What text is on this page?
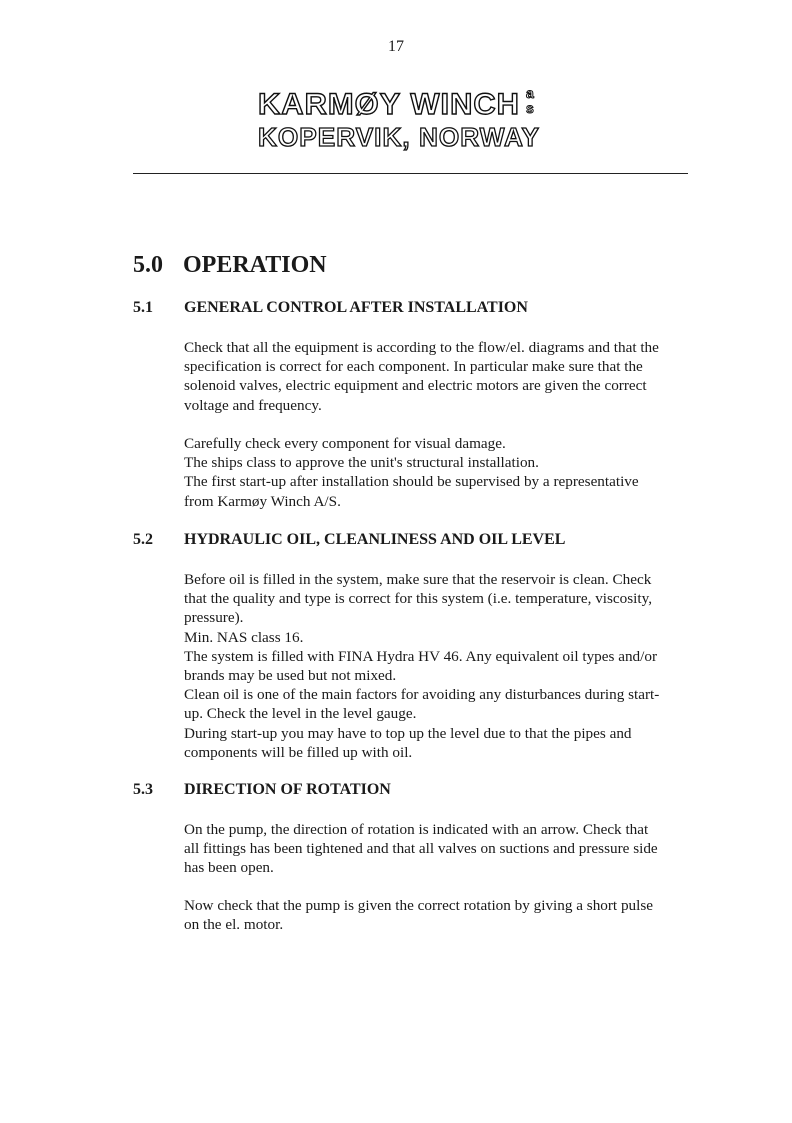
17
KARMØY WINCH a
s
KOPERVIK, NORWAY
5.0 OPERATION
5.1 GENERAL CONTROL AFTER INSTALLATION

Check that all the equipment is according to the flow/el. diagrams and that the
specification is correct for each component. In particular make sure that the
solenoid valves, electric equipment and electric motors are given the correct
voltage and frequency.

Carefully check every component for visual damage.
The ships class to approve the unit's structural installation.
The first start-up after installation should be supervised by a representative
from Karmøy Winch A/S.

5.2 HYDRAULIC OIL, CLEANLINESS AND OIL LEVEL

Before oil is filled in the system, make sure that the reservoir is clean. Check
that the quality and type is correct for this system (i.e. temperature, viscosity,
pressure).
Min. NAS class 16.
The system is filled with FINA Hydra HV 46. Any equivalent oil types and/or
brands may be used but not mixed.
Clean oil is one of the main factors for avoiding any disturbances during start-
up. Check the level in the level gauge.
During start-up you may have to top up the level due to that the pipes and
components will be filled up with oil.

5.3 DIRECTION OF ROTATION

On the pump, the direction of rotation is indicated with an arrow. Check that
all fittings has been tightened and that all valves on suctions and pressure side
has been open.

Now check that the pump is given the correct rotation by giving a short pulse
on the el. motor.
